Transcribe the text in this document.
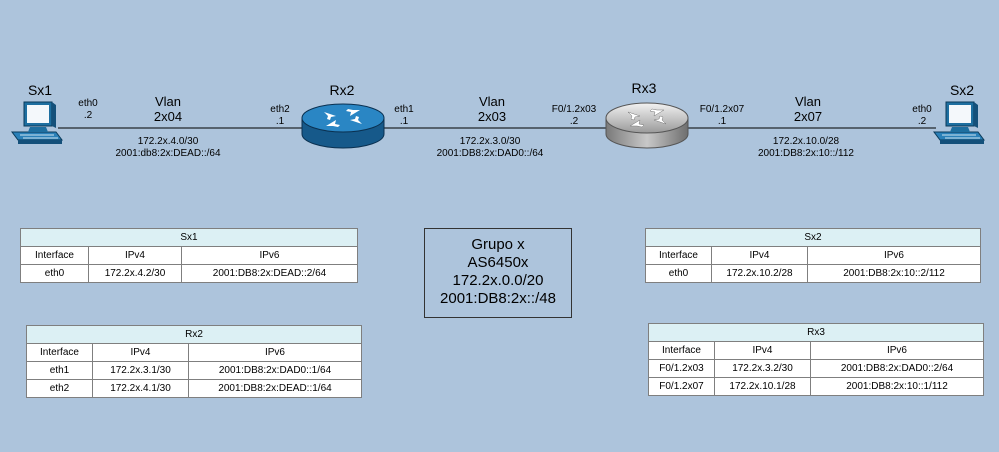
Sx1	Sx2
Rx2	Rx3
eth0
.2
eth2
.1
eth1
.1
F0/1.2x03
.2
F0/1.2x07
.1
eth0
.2
Vlan
2x04
172.2x.4.0/30
2001:db8:2x:DEAD::/64
Vlan
2x03
172.2x.3.0/30
2001:DB8:2x:DAD0::/64
Vlan
2x07
172.2x.10.0/28
2001:DB8:2x:10::/112
Grupo x
AS6450x
172.2x.0.0/20
2001:DB8:2x::/48
Sx1		
Interface	IPv4	IPv6
eth0	172.2x.4.2/30	2001:DB8:2x:DEAD::2/64
Rx2		
Interface	IPv4	IPv6
eth1	172.2x.3.1/30	2001:DB8:2x:DAD0::1/64
eth2	172.2x.4.1/30	2001:DB8:2x:DEAD::1/64
Sx2		
Interface	IPv4	IPv6
eth0	172.2x.10.2/28	2001:DB8:2x:10::2/112
Rx3		
Interface	IPv4	IPv6
F0/1.2x03	172.2x.3.2/30	2001:DB8:2x:DAD0::2/64
F0/1.2x07	172.2x.10.1/28	2001:DB8:2x:10::1/112
